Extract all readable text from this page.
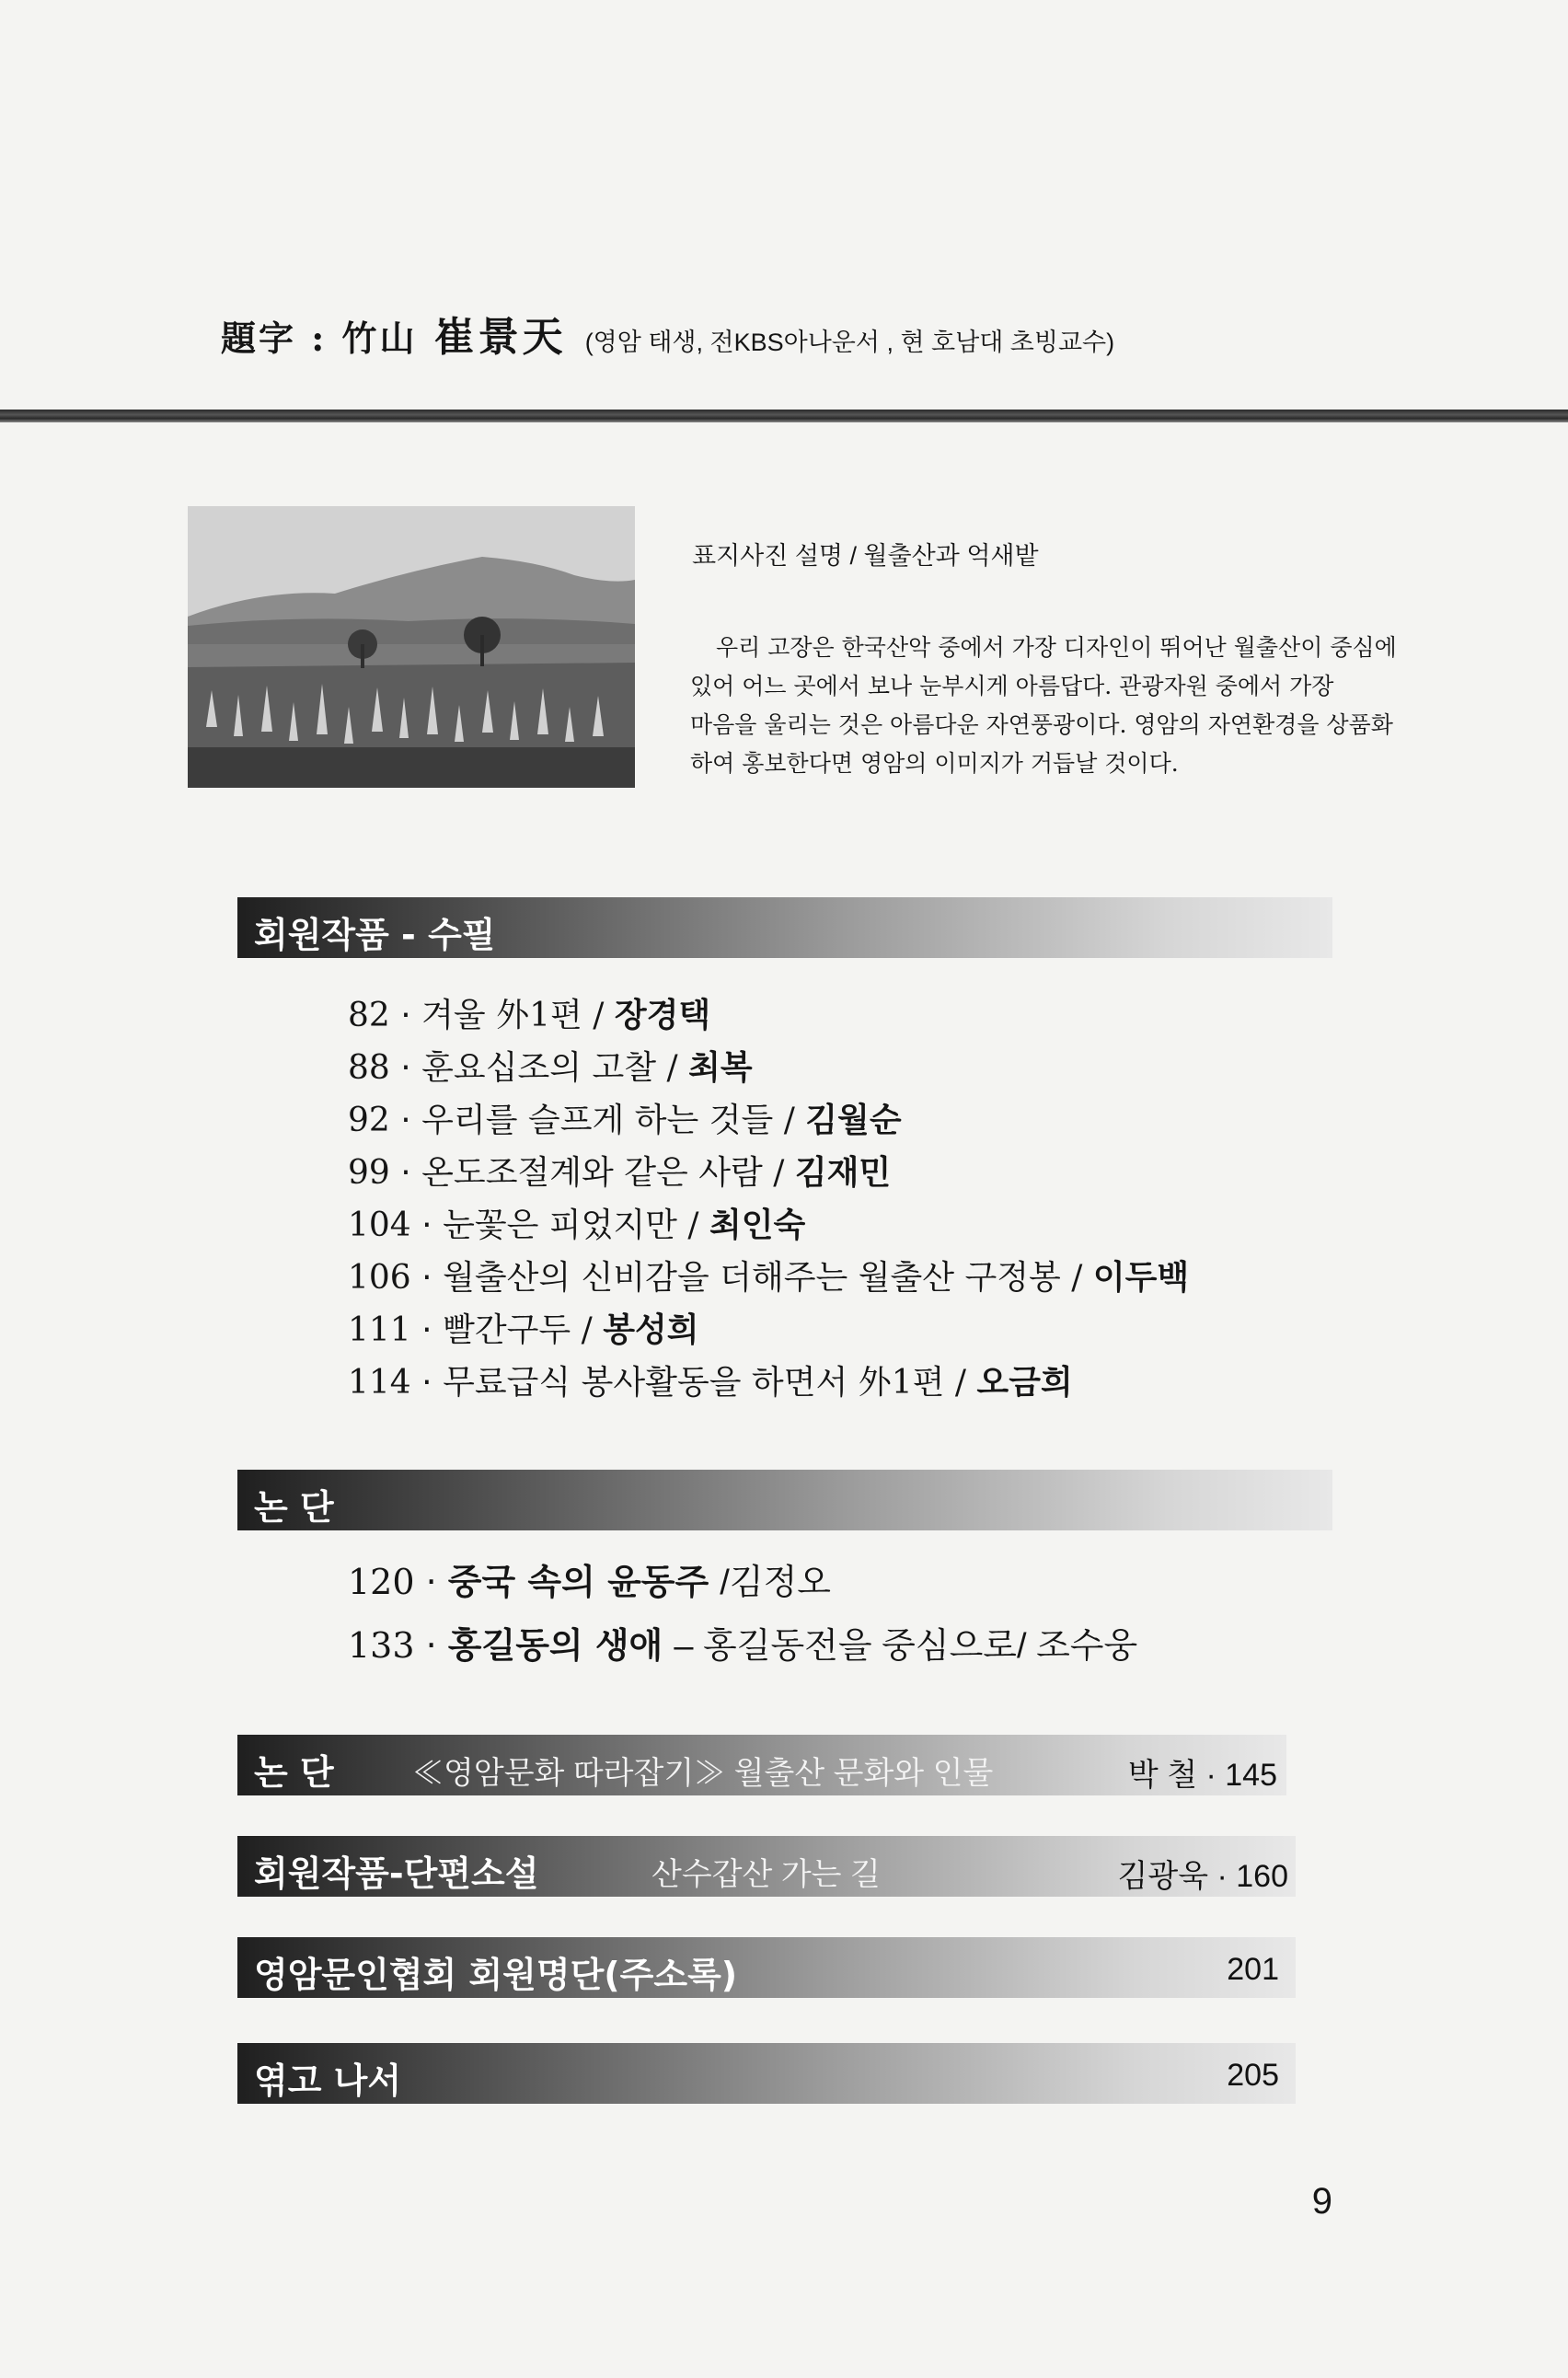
題字 : 竹山 崔景天 (영암 태생, 전KBS아나운서 , 현 호남대 초빙교수)
표지사진 설명 / 월출산과 억새밭
우리 고장은 한국산악 중에서 가장 디자인이 뛰어난 월출산이 중심에
있어 어느 곳에서 보나 눈부시게 아름답다. 관광자원 중에서 가장
마음을 울리는 것은 아름다운 자연풍광이다. 영암의 자연환경을 상품화
하여 홍보한다면 영암의 이미지가 거듭날 것이다.
회원작품 - 수필
82 · 겨울 外1편 / 장경택
88 · 훈요십조의 고찰 / 최복
92 · 우리를 슬프게 하는 것들 / 김월순
99 · 온도조절계와 같은 사람 / 김재민
104 · 눈꽃은 피었지만 / 최인숙
106 · 월출산의 신비감을 더해주는 월출산 구정봉 / 이두백
111 · 빨간구두 / 봉성희
114 · 무료급식 봉사활동을 하면서 外1편 / 오금희
논 단
120 · 중국 속의 윤동주 /김정오
133 · 홍길동의 생애 – 홍길동전을 중심으로/ 조수웅
논 단	≪영암문화 따라잡기≫ 월출산 문화와 인물	박 철 · 145
회원작품-단편소설	산수갑산 가는 길	김광욱 · 160
영암문인협회 회원명단(주소록)	201
엮고 나서	205
9
